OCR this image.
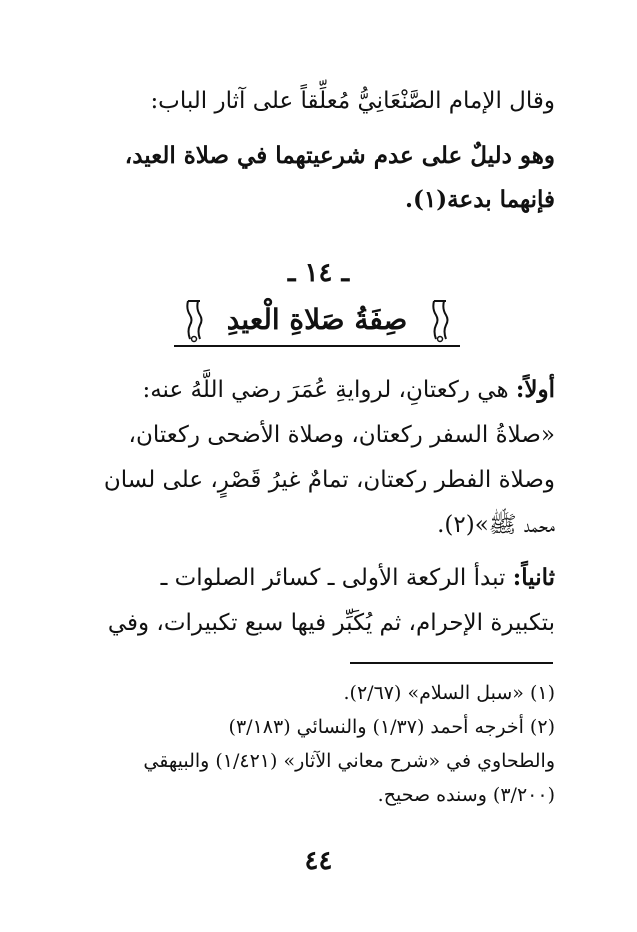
وقال الإمام الصَّنْعَانِيُّ مُعلِّقاً على آثار الباب:
وهو دليلٌ على عدم شرعيتهما في صلاة العيد،
فإنهما بدعة(١).
ـ ١٤ ـ
صِفَةُ صَلاةِ الْعيدِ
أولاً: هي ركعتانِ، لروايةِ عُمَرَ رضي اللَّهُ عنه:
«صلاةُ السفر ركعتان، وصلاة الأضحى ركعتان،
وصلاة الفطر ركعتان، تمامٌ غيرُ قَصْرٍ، على لسان
محمد ﷺ»(٢).
ثانياً: تبدأ الركعة الأولى ـ كسائر الصلوات ـ
بتكبيرة الإحرام، ثم يُكَبِّر فيها سبع تكبيرات، وفي
(١) «سبل السلام» (٢/٦٧).
(٢) أخرجه أحمد (١/٣٧) والنسائي (٣/١٨٣)
والطحاوي في «شرح معاني الآثار» (١/٤٢١) والبيهقي
(٣/٢٠٠) وسنده صحيح.
٤٤
